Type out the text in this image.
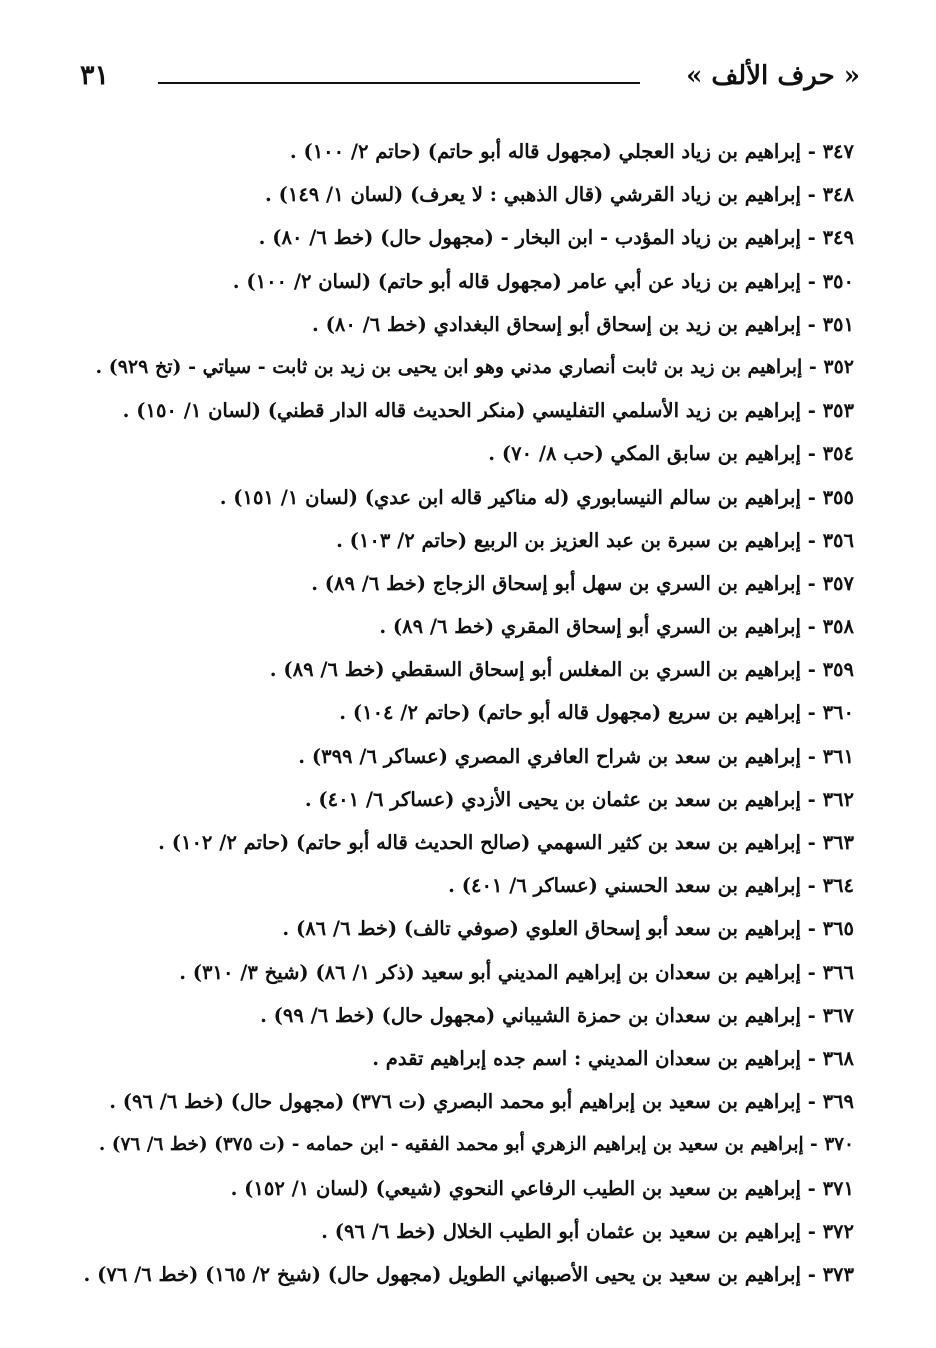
٣١	« حرف الألف »
٣٤٧ - إبراهيم بن زياد العجلي (مجهول قاله أبو حاتم) (حاتم ٢/ ١٠٠) .
٣٤٨ - إبراهيم بن زياد القرشي (قال الذهبي : لا يعرف) (لسان ١/ ١٤٩) .
٣٤٩ - إبراهيم بن زياد المؤدب - ابن البخار - (مجهول حال) (خط ٦/ ٨٠) .
٣٥٠ - إبراهيم بن زياد عن أبي عامر (مجهول قاله أبو حاتم) (لسان ٢/ ١٠٠) .
٣٥١ - إبراهيم بن زيد بن إسحاق أبو إسحاق البغدادي (خط ٦/ ٨٠) .
٣٥٢ - إبراهيم بن زيد بن ثابت أنصاري مدني وهو ابن يحيى بن زيد بن ثابت - سياتي - (تخ ٩٢٩) .
٣٥٣ - إبراهيم بن زيد الأسلمي التفليسي (منكر الحديث قاله الدار قطني) (لسان ١/ ١٥٠) .
٣٥٤ - إبراهيم بن سابق المكي (حب ٨/ ٧٠) .
٣٥٥ - إبراهيم بن سالم النيسابوري (له مناكير قاله ابن عدي) (لسان ١/ ١٥١) .
٣٥٦ - إبراهيم بن سبرة بن عبد العزيز بن الربيع (حاتم ٢/ ١٠٣) .
٣٥٧ - إبراهيم بن السري بن سهل أبو إسحاق الزجاج (خط ٦/ ٨٩) .
٣٥٨ - إبراهيم بن السري أبو إسحاق المقري (خط ٦/ ٨٩) .
٣٥٩ - إبراهيم بن السري بن المغلس أبو إسحاق السقطي (خط ٦/ ٨٩) .
٣٦٠ - إبراهيم بن سريع (مجهول قاله أبو حاتم) (حاتم ٢/ ١٠٤) .
٣٦١ - إبراهيم بن سعد بن شراح العافري المصري (عساكر ٦/ ٣٩٩) .
٣٦٢ - إبراهيم بن سعد بن عثمان بن يحيى الأزدي (عساكر ٦/ ٤٠١) .
٣٦٣ - إبراهيم بن سعد بن كثير السهمي (صالح الحديث قاله أبو حاتم) (حاتم ٢/ ١٠٢) .
٣٦٤ - إبراهيم بن سعد الحسني (عساكر ٦/ ٤٠١) .
٣٦٥ - إبراهيم بن سعد أبو إسحاق العلوي (صوفي تالف) (خط ٦/ ٨٦) .
٣٦٦ - إبراهيم بن سعدان بن إبراهيم المديني أبو سعيد (ذكر ١/ ٨٦) (شيخ ٣/ ٣١٠) .
٣٦٧ - إبراهيم بن سعدان بن حمزة الشيباني (مجهول حال) (خط ٦/ ٩٩) .
٣٦٨ - إبراهيم بن سعدان المديني : اسم جده إبراهيم تقدم .
٣٦٩ - إبراهيم بن سعيد بن إبراهيم أبو محمد البصري (ت ٣٧٦) (مجهول حال) (خط ٦/ ٩٦) .
٣٧٠ - إبراهيم بن سعيد بن إبراهيم الزهري أبو محمد الفقيه - ابن حمامه - (ت ٣٧٥) (خط ٦/ ٧٦) .
٣٧١ - إبراهيم بن سعيد بن الطيب الرفاعي النحوي (شيعي) (لسان ١/ ١٥٢) .
٣٧٢ - إبراهيم بن سعيد بن عثمان أبو الطيب الخلال (خط ٦/ ٩٦) .
٣٧٣ - إبراهيم بن سعيد بن يحيى الأصبهاني الطويل (مجهول حال) (شيخ ٢/ ١٦٥) (خط ٦/ ٧٦) .
